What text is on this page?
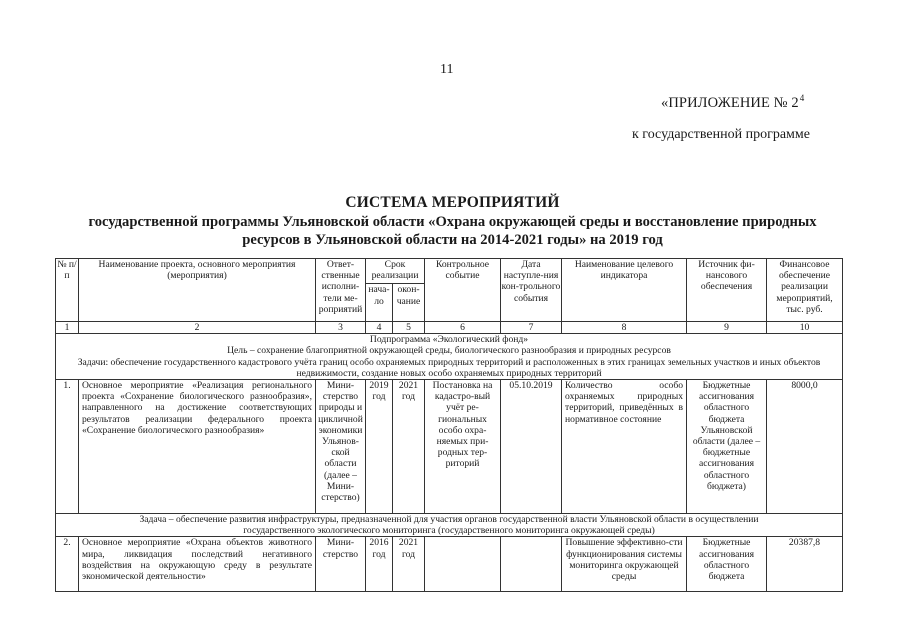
11
«ПРИЛОЖЕНИЕ № $2^4$
к государственной программе
СИСТЕМА МЕРОПРИЯТИЙ
государственной программы Ульяновской области «Охрана окружающей среды и восстановление природных ресурсов в Ульяновской области на 2014-2021 годы» на 2019 год
№ п/п	Наименование проекта, основного мероприятия (мероприятия)	Ответ-ственные исполни-тели ме-роприятий	Срок реализации		Контрольное событие	Дата наступле-ния кон-трольного события	Наименование целевого индикатора	Источник фи-нансового обеспечения	Финансовое обеспечение реализации мероприятий, тыс. руб.
			нача-ло	окон-чание					
1	2	3	4	5	6	7	8	9	10

Подпрограмма «Экологический фонд»
Цель – сохранение благоприятной окружающей среды, биологического разнообразия и природных ресурсов
Задачи: обеспечение государственного кадастрового учёта границ особо охраняемых природных территорий и расположенных в этих границах земельных участков и иных объектов недвижимости, создание новых особо охраняемых природных территорий									

1.	Основное мероприятие «Реализация регионального проекта «Сохранение биологического разнообразия», направленного на достижение соответствующих результатов реализации федерального проекта «Сохранение биологического разнообразия»	Мини-стерство природы и цикличной экономики Ульянов-ской области (далее – Мини-стерство)	2019 год	2021 год	Постановка на кадастро-вый учёт ре-гиональных особо охра-няемых при-родных тер-риторий	05.10.2019	Количество особо охраняемых природных территорий, приведённых в нормативное состояние	Бюджетные ассигнования областного бюджета Ульяновской области (далее – бюджетные ассигнования областного бюджета)	8000,0
Задача – обеспечение развития инфраструктуры, предназначенной для участия органов государственной власти Ульяновской области в осуществлении государственного экологического мониторинга (государственного мониторинга окружающей среды)									
2.	Основное мероприятие «Охрана объектов животного мира, ликвидация последствий негативного воздействия на окружающую среду в результате экономической деятельности»	Мини-стерство	2016 год	2021 год			Повышение эффективно-сти функционирования системы мониторинга окружающей среды	Бюджетные ассигнования областного бюджета	20387,8
